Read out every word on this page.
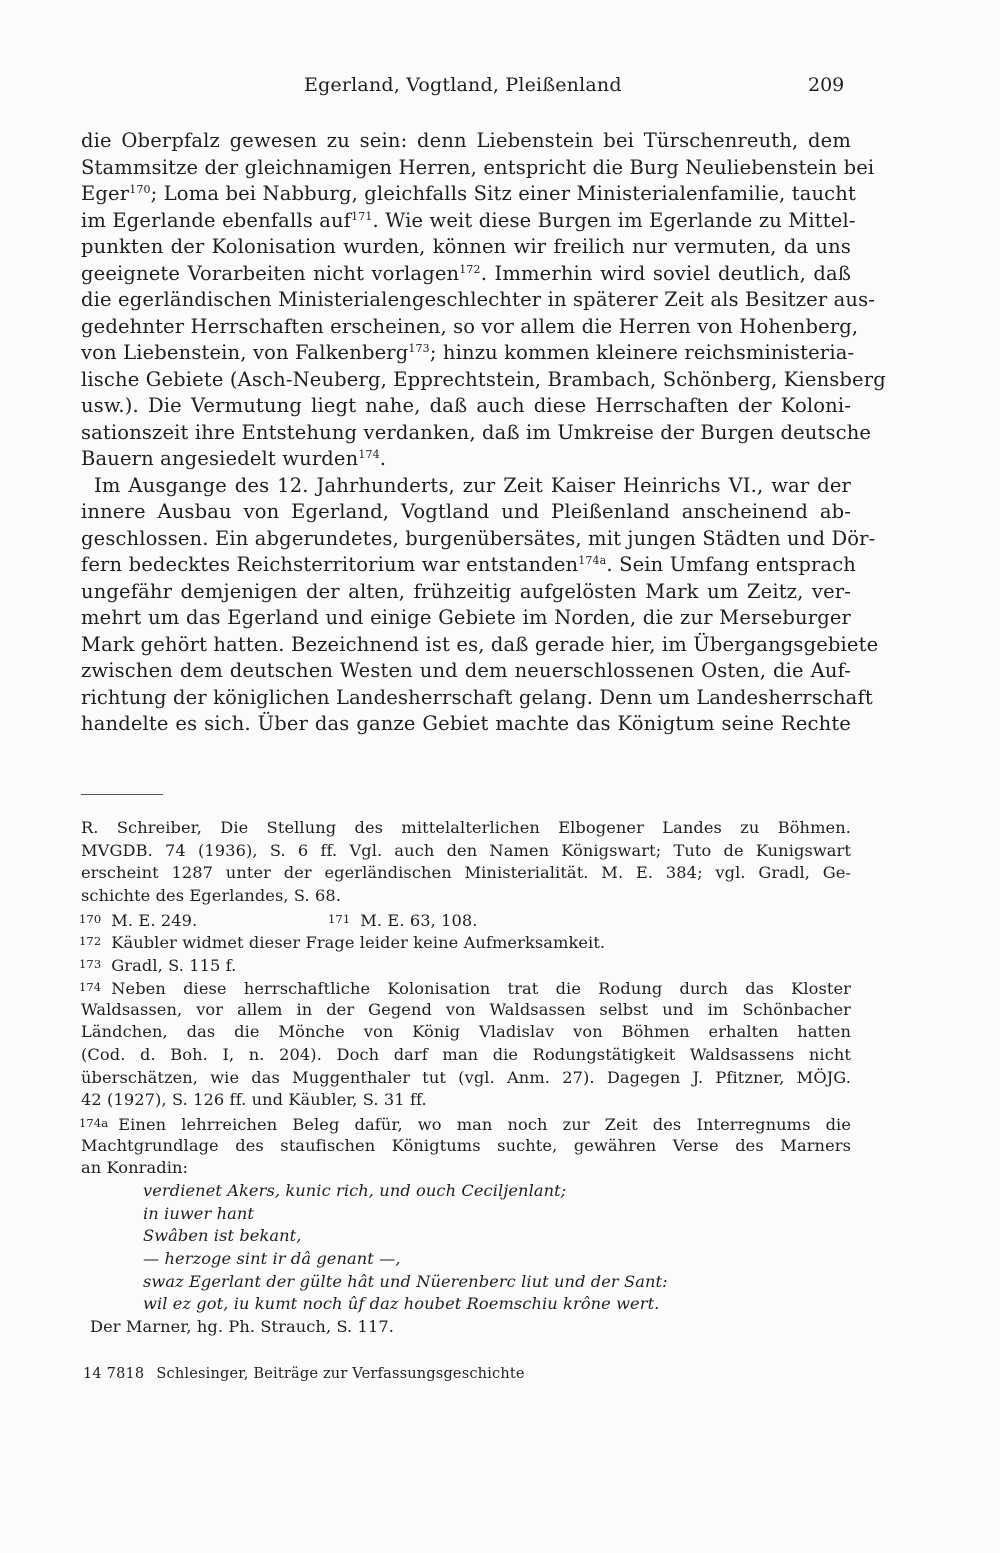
Egerland, Vogtland, Pleißenland	209
die Oberpfalz gewesen zu sein: denn Liebenstein bei Türschenreuth, dem
Stammsitze der gleichnamigen Herren, entspricht die Burg Neuliebenstein bei
Eger$^{170}$; Loma bei Nabburg, gleichfalls Sitz einer Ministerialenfamilie, taucht
im Egerlande ebenfalls auf$^{171}$. Wie weit diese Burgen im Egerlande zu Mittel-
punkten der Kolonisation wurden, können wir freilich nur vermuten, da uns
geeignete Vorarbeiten nicht vorlagen$^{172}$. Immerhin wird soviel deutlich, daß
die egerländischen Ministerialengeschlechter in späterer Zeit als Besitzer aus-
gedehnter Herrschaften erscheinen, so vor allem die Herren von Hohenberg,
von Liebenstein, von Falkenberg$^{173}$; hinzu kommen kleinere reichsministeria-
lische Gebiete (Asch-Neuberg, Epprechtstein, Brambach, Schönberg, Kiensberg
usw.). Die Vermutung liegt nahe, daß auch diese Herrschaften der Koloni-
sationszeit ihre Entstehung verdanken, daß im Umkreise der Burgen deutsche
Bauern angesiedelt wurden$^{174}$.
Im Ausgange des 12. Jahrhunderts, zur Zeit Kaiser Heinrichs VI., war der
innere Ausbau von Egerland, Vogtland und Pleißenland anscheinend ab-
geschlossen. Ein abgerundetes, burgenübersätes, mit jungen Städten und Dör-
fern bedecktes Reichsterritorium war entstanden$^{174a}$. Sein Umfang entsprach
ungefähr demjenigen der alten, frühzeitig aufgelösten Mark um Zeitz, ver-
mehrt um das Egerland und einige Gebiete im Norden, die zur Merseburger
Mark gehört hatten. Bezeichnend ist es, daß gerade hier, im Übergangsgebiete
zwischen dem deutschen Westen und dem neuerschlossenen Osten, die Auf-
richtung der königlichen Landesherrschaft gelang. Denn um Landesherrschaft
handelte es sich. Über das ganze Gebiet machte das Königtum seine Rechte
R. Schreiber, Die Stellung des mittelalterlichen Elbogener Landes zu Böhmen.
MVGDB. 74 (1936), S. 6 ff. Vgl. auch den Namen Königswart; Tuto de Kunigswart
erscheint 1287 unter der egerländischen Ministerialität. M. E. 384; vgl. Gradl, Ge-
schichte des Egerlandes, S. 68.
170 M. E. 249.	171 M. E. 63, 108.
172 Käubler widmet dieser Frage leider keine Aufmerksamkeit.
173 Gradl, S. 115 f.
174 Neben diese herrschaftliche Kolonisation trat die Rodung durch das Kloster
Waldsassen, vor allem in der Gegend von Waldsassen selbst und im Schönbacher
Ländchen, das die Mönche von König Vladislav von Böhmen erhalten hatten
(Cod. d. Boh. I, n. 204). Doch darf man die Rodungstätigkeit Waldsassens nicht
überschätzen, wie das Muggenthaler tut (vgl. Anm. 27). Dagegen J. Pfitzner, MÖJG.
42 (1927), S. 126 ff. und Käubler, S. 31 ff.
174a Einen lehrreichen Beleg dafür, wo man noch zur Zeit des Interregnums die
Machtgrundlage des staufischen Königtums suchte, gewähren Verse des Marners
an Konradin:
verdienet Akers, kunic rich, und ouch Ceciljenlant;
in iuwer hant
Swâben ist bekant,
— herzoge sint ir dâ genant —,
swaz Egerlant der gülte hât und Nüerenberc liut und der Sant:
wil ez got, iu kumt noch ûf daz houbet Roemschiu krône wert.
Der Marner, hg. Ph. Strauch, S. 117.
14 7818 Schlesinger, Beiträge zur Verfassungsgeschichte
